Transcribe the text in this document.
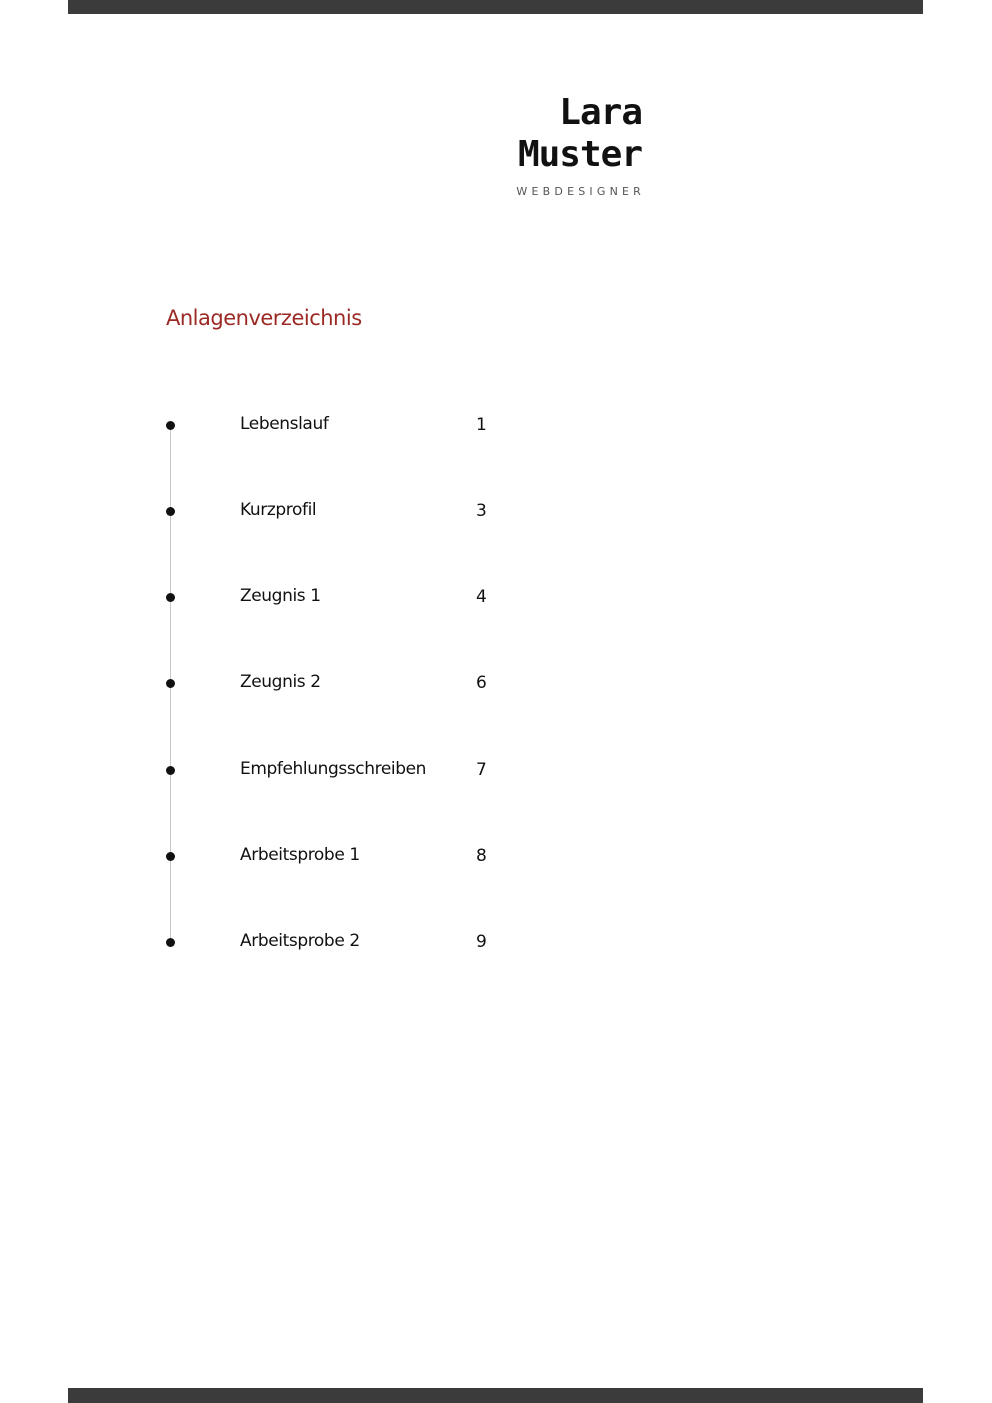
Lara
Muster
WEBDESIGNER
Anlagenverzeichnis
Lebenslauf	1
Kurzprofil	3
Zeugnis 1	4
Zeugnis 2	6
Empfehlungsschreiben	7
Arbeitsprobe 1	8
Arbeitsprobe 2	9
